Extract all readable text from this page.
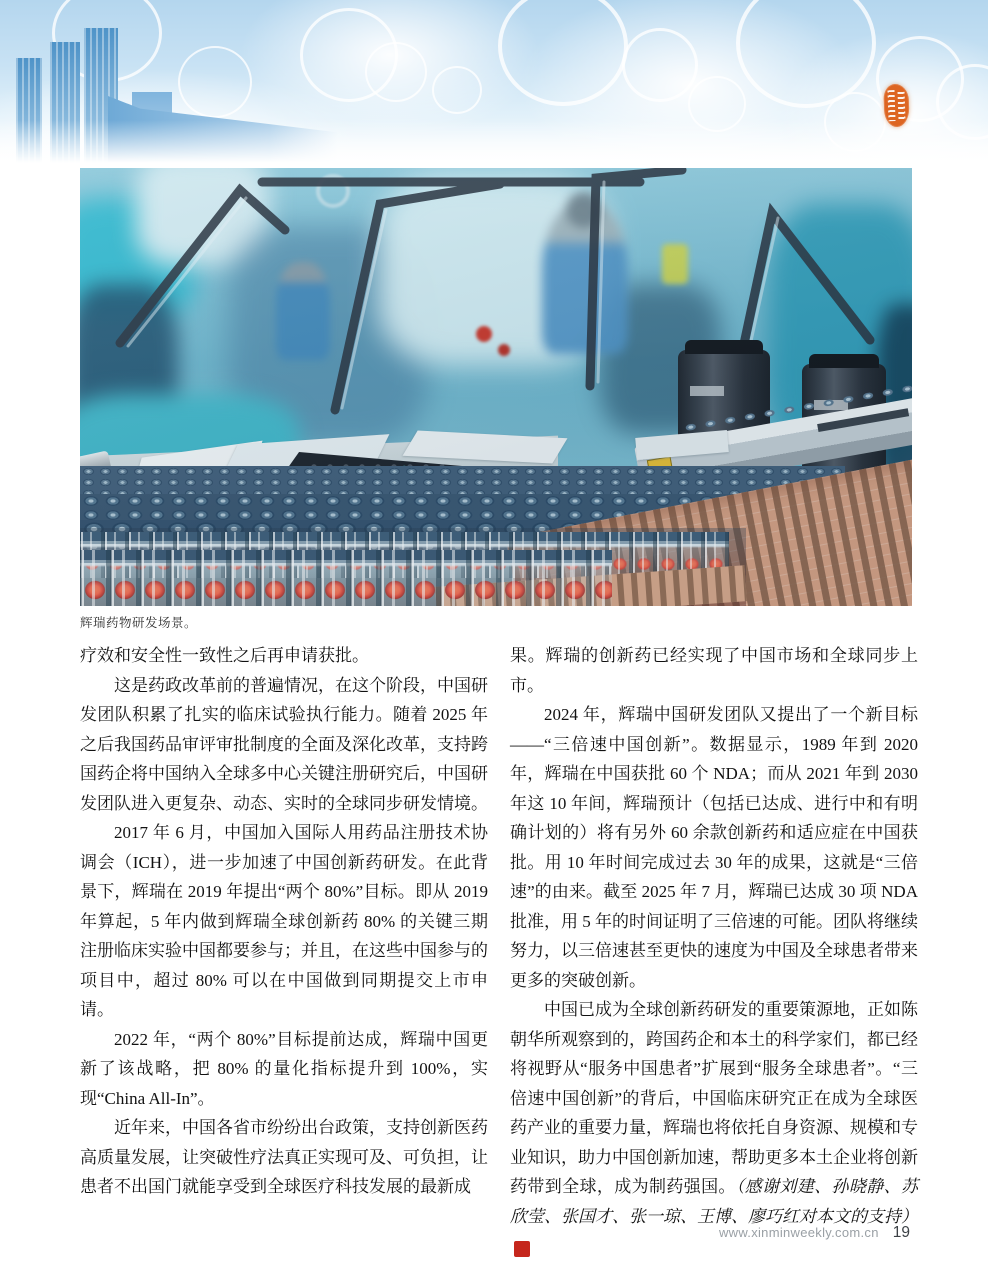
辉瑞药物研发场景。

疗效和安全性一致性之后再申请获批。

这是药政改革前的普遍情况，在这个阶段，中国研发团队积累了扎实的临床试验执行能力。随着 2025 年之后我国药品审评审批制度的全面及深化改革，支持跨国药企将中国纳入全球多中心关键注册研究后，中国研发团队进入更复杂、动态、实时的全球同步研发情境。

2017 年 6 月，中国加入国际人用药品注册技术协调会（ICH），进一步加速了中国创新药研发。在此背景下，辉瑞在 2019 年提出“两个 80%”目标。即从 2019 年算起，5 年内做到辉瑞全球创新药 80% 的关键三期注册临床实验中国都要参与；并且，在这些中国参与的项目中，超过 80% 可以在中国做到同期提交上市申请。

2022 年，“两个 80%”目标提前达成，辉瑞中国更新了该战略，把 80% 的量化指标提升到 100%，实现“China All-In”。

近年来，中国各省市纷纷出台政策，支持创新医药高质量发展，让突破性疗法真正实现可及、可负担，让患者不出国门就能享受到全球医疗科技发展的最新成

果。辉瑞的创新药已经实现了中国市场和全球同步上市。

2024 年，辉瑞中国研发团队又提出了一个新目标——“三倍速中国创新”。数据显示，1989 年到 2020 年，辉瑞在中国获批 60 个 NDA；而从 2021 年到 2030 年这 10 年间，辉瑞预计（包括已达成、进行中和有明确计划的）将有另外 60 余款创新药和适应症在中国获批。用 10 年时间完成过去 30 年的成果，这就是“三倍速”的由来。截至 2025 年 7 月，辉瑞已达成 30 项 NDA 批准，用 5 年的时间证明了三倍速的可能。团队将继续努力，以三倍速甚至更快的速度为中国及全球患者带来更多的突破创新。

中国已成为全球创新药研发的重要策源地，正如陈朝华所观察到的，跨国药企和本土的科学家们，都已经将视野从“服务中国患者”扩展到“服务全球患者”。“三倍速中国创新”的背后，中国临床研究正在成为全球医药产业的重要力量，辉瑞也将依托自身资源、规模和专业知识，助力中国创新加速，帮助更多本土企业将创新药带到全球，成为制药强国。（感谢刘建、孙晓静、苏欣莹、张国才、张一琼、王博、廖巧红对本文的支持）民

www.xinminweekly.com.cn 19
